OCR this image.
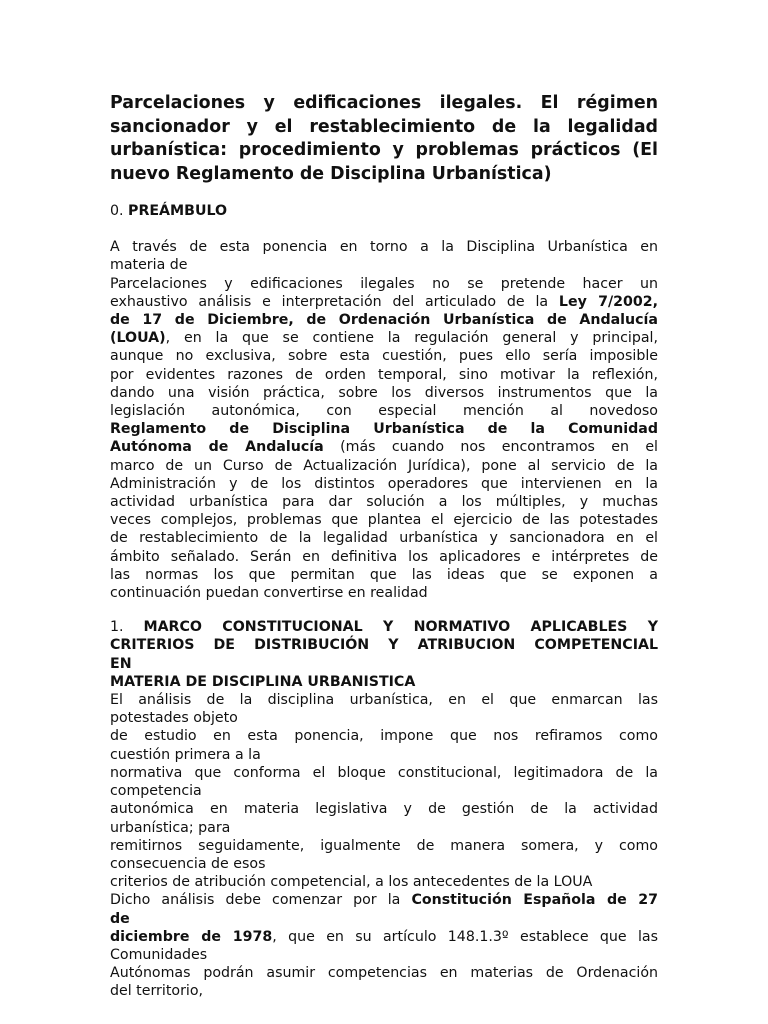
Parcelaciones y edificaciones ilegales. El régimen sancionador y el restablecimiento de la legalidad urbanística: procedimiento y problemas prácticos (El nuevo Reglamento de Disciplina Urbanística)

0. PREÁMBULO

A través de esta ponencia en torno a la Disciplina Urbanística en
materia de
Parcelaciones y edificaciones ilegales no se pretende hacer un
exhaustivo análisis e interpretación del articulado de la Ley 7/2002,
de 17 de Diciembre, de Ordenación Urbanística de Andalucía
(LOUA), en la que se contiene la regulación general y principal,
aunque no exclusiva, sobre esta cuestión, pues ello sería imposible
por evidentes razones de orden temporal, sino motivar la reflexión,
dando una visión práctica, sobre los diversos instrumentos que la
legislación autonómica, con especial mención al novedoso
Reglamento de Disciplina Urbanística de la Comunidad
Autónoma de Andalucía (más cuando nos encontramos en el
marco de un Curso de Actualización Jurídica), pone al servicio de la
Administración y de los distintos operadores que intervienen en la
actividad urbanística para dar solución a los múltiples, y muchas
veces complejos, problemas que plantea el ejercicio de las potestades
de restablecimiento de la legalidad urbanística y sancionadora en el
ámbito señalado. Serán en definitiva los aplicadores e intérpretes de
las normas los que permitan que las ideas que se exponen a
continuación puedan convertirse en realidad
1. MARCO CONSTITUCIONAL Y NORMATIVO APLICABLES Y
CRITERIOS DE DISTRIBUCIÓN Y ATRIBUCION COMPETENCIAL
EN
MATERIA DE DISCIPLINA URBANISTICA
El análisis de la disciplina urbanística, en el que enmarcan las
potestades objeto
de estudio en esta ponencia, impone que nos refiramos como
cuestión primera a la
normativa que conforma el bloque constitucional, legitimadora de la
competencia
autonómica en materia legislativa y de gestión de la actividad
urbanística; para
remitirnos seguidamente, igualmente de manera somera, y como
consecuencia de esos
criterios de atribución competencial, a los antecedentes de la LOUA
Dicho análisis debe comenzar por la Constitución Española de 27
de
diciembre de 1978, que en su artículo 148.1.3º establece que las
Comunidades
Autónomas podrán asumir competencias en materias de Ordenación
del territorio,
